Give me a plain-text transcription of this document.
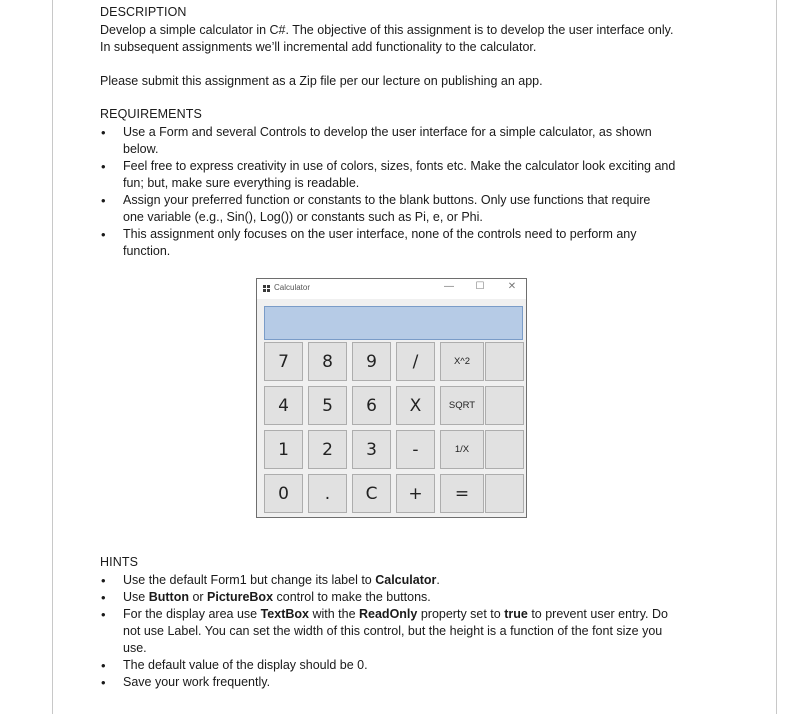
DESCRIPTION
Develop a simple calculator in C#. The objective of this assignment is to develop the user interface only.
In subsequent assignments we’ll incremental add functionality to the calculator.
Please submit this assignment as a Zip file per our lecture on publishing an app.
REQUIREMENTS
• Use a Form and several Controls to develop the user interface for a simple calculator, as shown
below.
• Feel free to express creativity in use of colors, sizes, fonts etc. Make the calculator look exciting and
fun; but, make sure everything is readable.
• Assign your preferred function or constants to the blank buttons. Only use functions that require
one variable (e.g., Sin(), Log()) or constants such as Pi, e, or Phi.
• This assignment only focuses on the user interface, none of the controls need to perform any
function.
Calculator	— ☐ ✕
7	8	9	/	X^2
4	5	6	X	SQRT
1	2	3	-	1/X
0	.	C	+	=
HINTS
• Use the default Form1 but change its label to Calculator.
• Use Button or PictureBox control to make the buttons.
• For the display area use TextBox with the ReadOnly property set to true to prevent user entry. Do
not use Label. You can set the width of this control, but the height is a function of the font size you
use.
• The default value of the display should be 0.
• Save your work frequently.
